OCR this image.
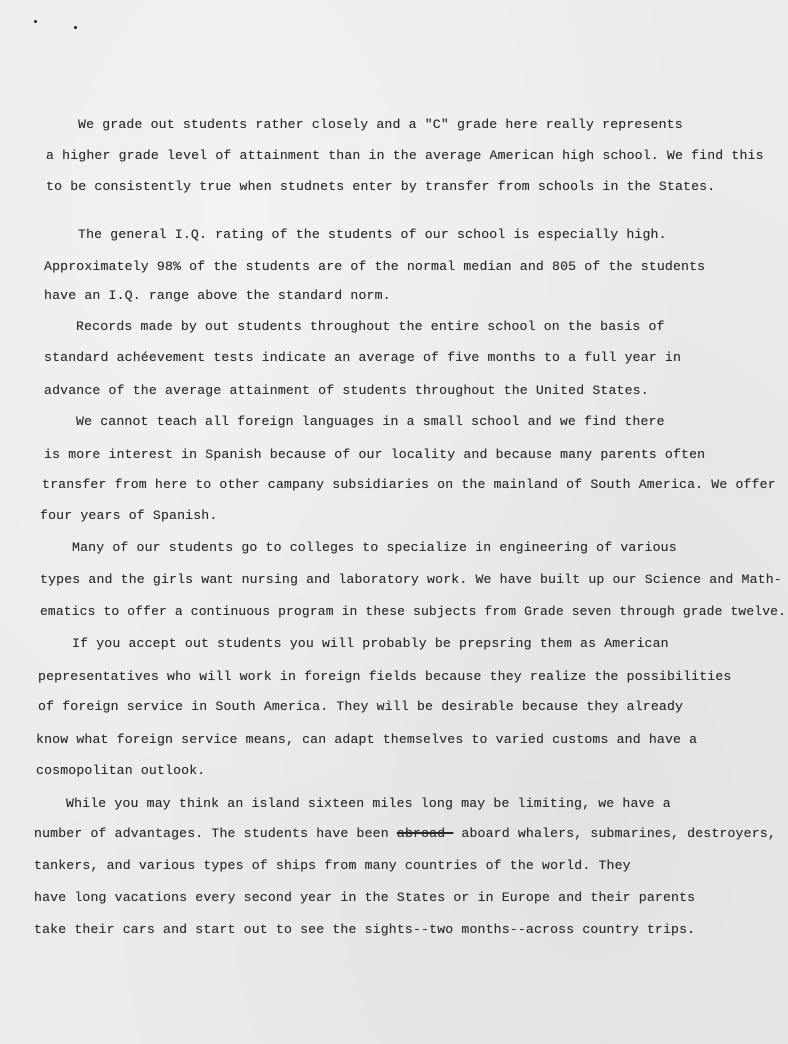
We grade out students rather closely and a "C" grade here really represents
a higher grade level of attainment than in the average American high school. We find this
to be consistently true when studnets enter by transfer from schools in the States.
The general I.Q. rating of the students of our school is especially high.
Approximately 98% of the students are of the normal median and 805 of the students
have an I.Q. range above the standard norm.
Records made by out students throughout the entire school on the basis of
standard achéevement tests indicate an average of five months to a full year in
advance of the average attainment of students throughout the United States.
We cannot teach all foreign languages in a small school and we find there
is more interest in Spanish because of our locality and because many parents often
transfer from here to other campany subsidiaries on the mainland of South America. We offer
four years of Spanish.
Many of our students go to colleges to specialize in engineering of various
types and the girls want nursing and laboratory work. We have built up our Science and Math-
ematics to offer a continuous program in these subjects from Grade seven through grade twelve.
If you accept out students you will probably be prepsring them as American
pepresentatives who will work in foreign fields because they realize the possibilities
of foreign service in South America. They will be desirable because they already
know what foreign service means, can adapt themselves to varied customs and have a
cosmopolitan outlook.
While you may think an island sixteen miles long may be limiting, we have a
number of advantages. The students have been abroad- aboard whalers, submarines, destroyers,
tankers, and various types of ships from many countries of the world. They
have long vacations every second year in the States or in Europe and their parents
take their cars and start out to see the sights--two months--across country trips.
